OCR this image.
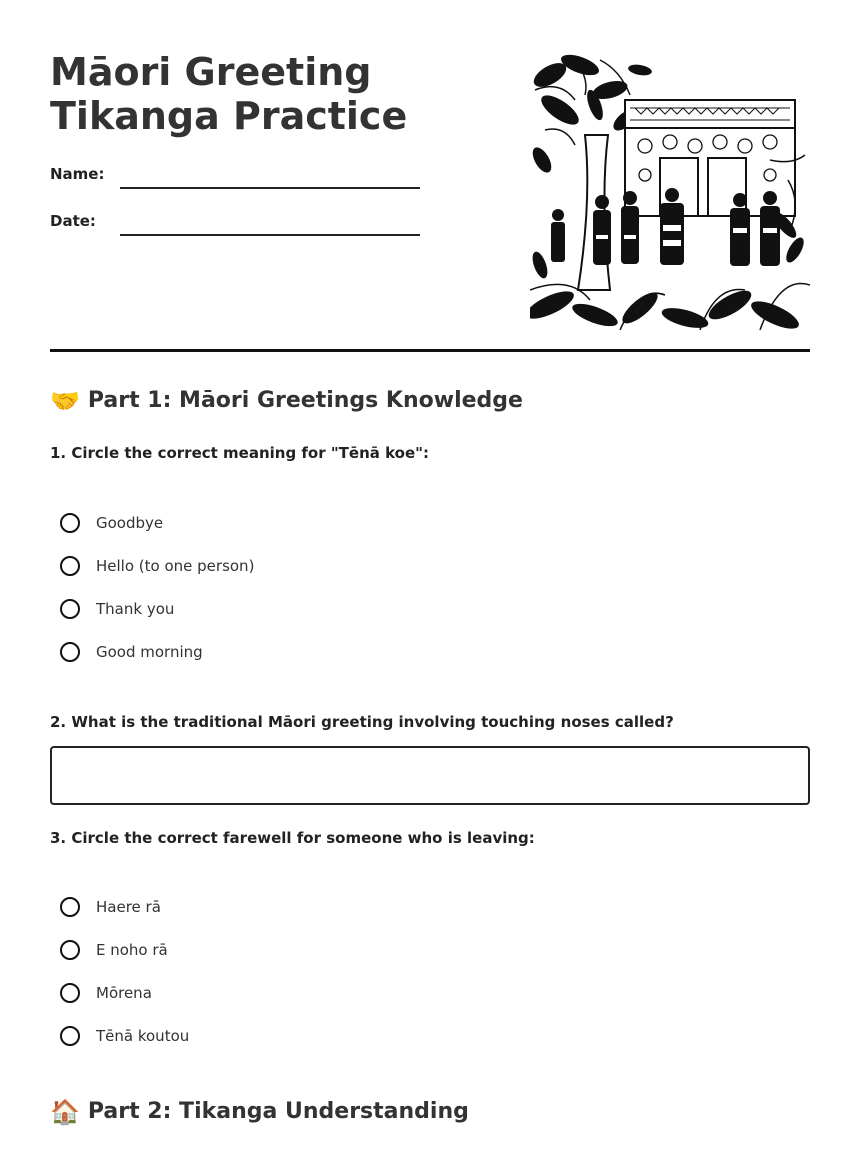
Māori Greeting Tikanga Practice
Name:
Date:
🤝 Part 1: Māori Greetings Knowledge
1. Circle the correct meaning for "Tēnā koe":
Goodbye
Hello (to one person)
Thank you
Good morning
2. What is the traditional Māori greeting involving touching noses called?
3. Circle the correct farewell for someone who is leaving:
Haere rā
E noho rā
Mōrena
Tēnā koutou
🏠 Part 2: Tikanga Understanding
